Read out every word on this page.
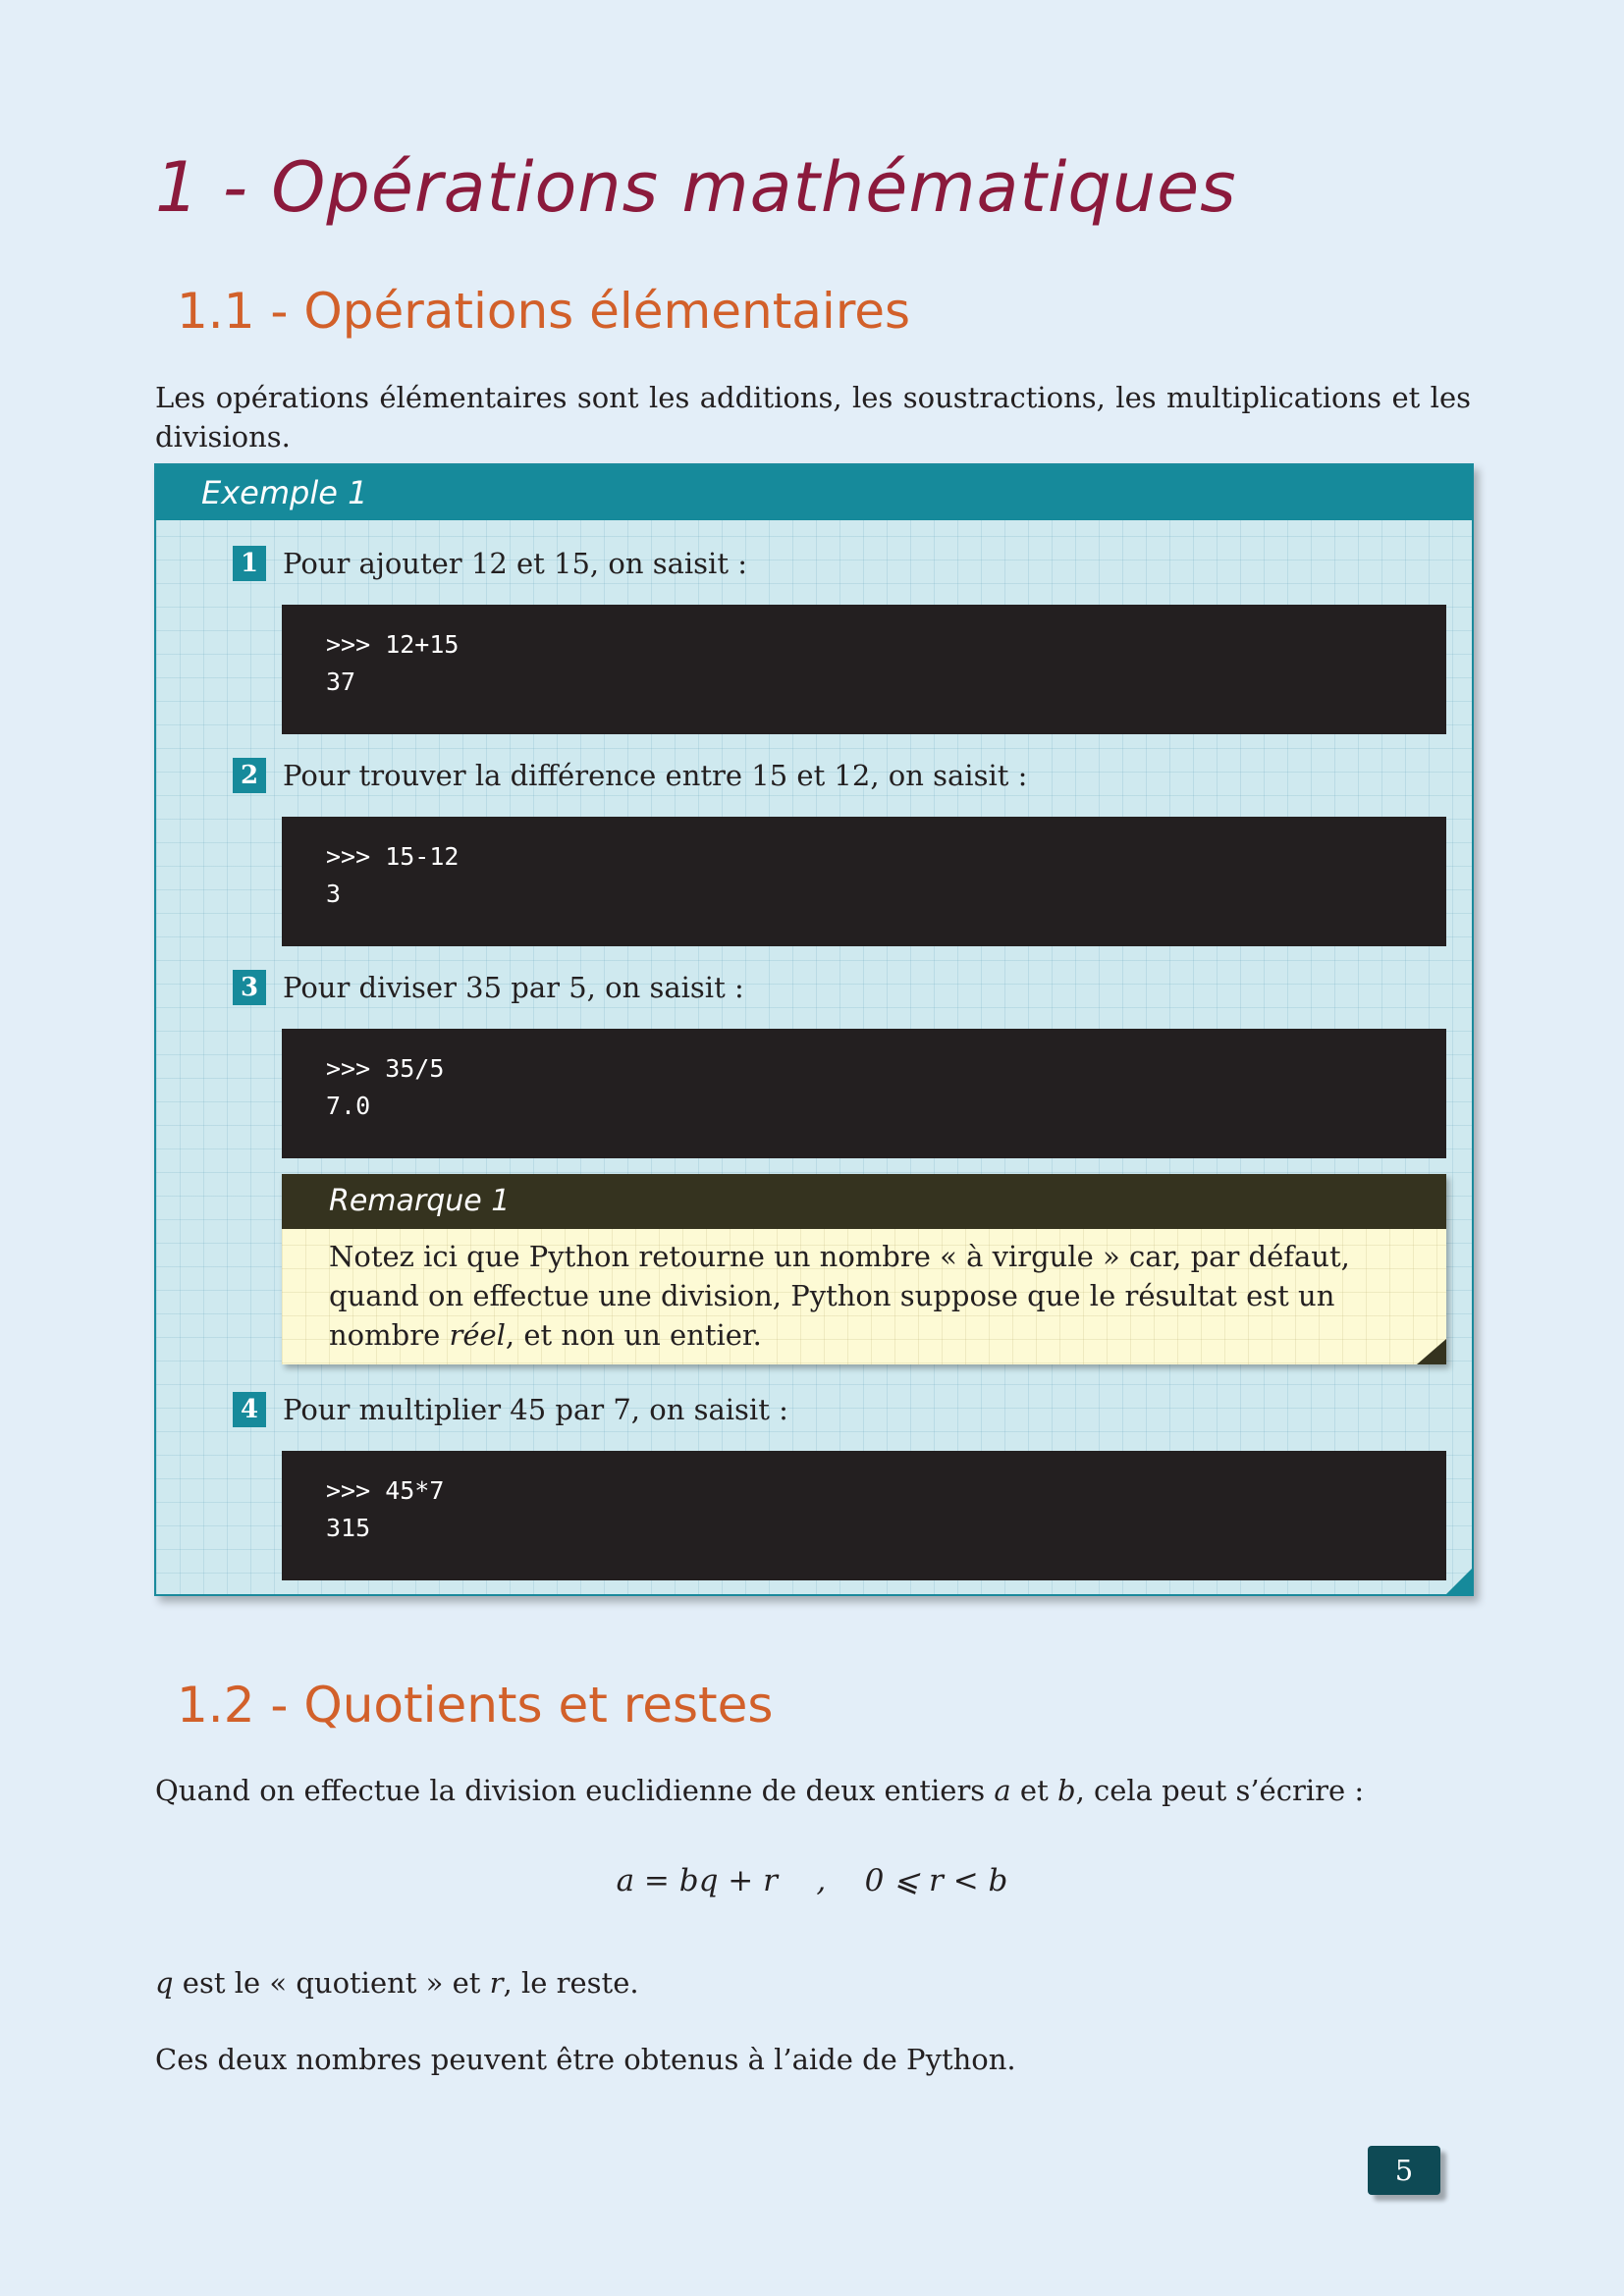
1 - Opérations mathématiques
1.1 - Opérations élémentaires

Les opérations élémentaires sont les additions, les soustractions, les multiplications et les divisions.

Exemple 1
1 Pour ajouter 12 et 15, on saisit :
>>> 12+15
37
2 Pour trouver la différence entre 15 et 12, on saisit :
>>> 15-12
3
3 Pour diviser 35 par 5, on saisit :
>>> 35/5
7.0
Remarque 1
Notez ici que Python retourne un nombre « à virgule » car, par défaut, quand on effectue une division, Python suppose que le résultat est un nombre réel, et non un entier.
4 Pour multiplier 45 par 7, on saisit :
>>> 45*7
315
1.2 - Quotients et restes

Quand on effectue la division euclidienne de deux entiers a et b, cela peut s’écrire :

a = bq + r    ,    0 ⩽ r < b

q est le « quotient » et r, le reste.

Ces deux nombres peuvent être obtenus à l’aide de Python.

5
